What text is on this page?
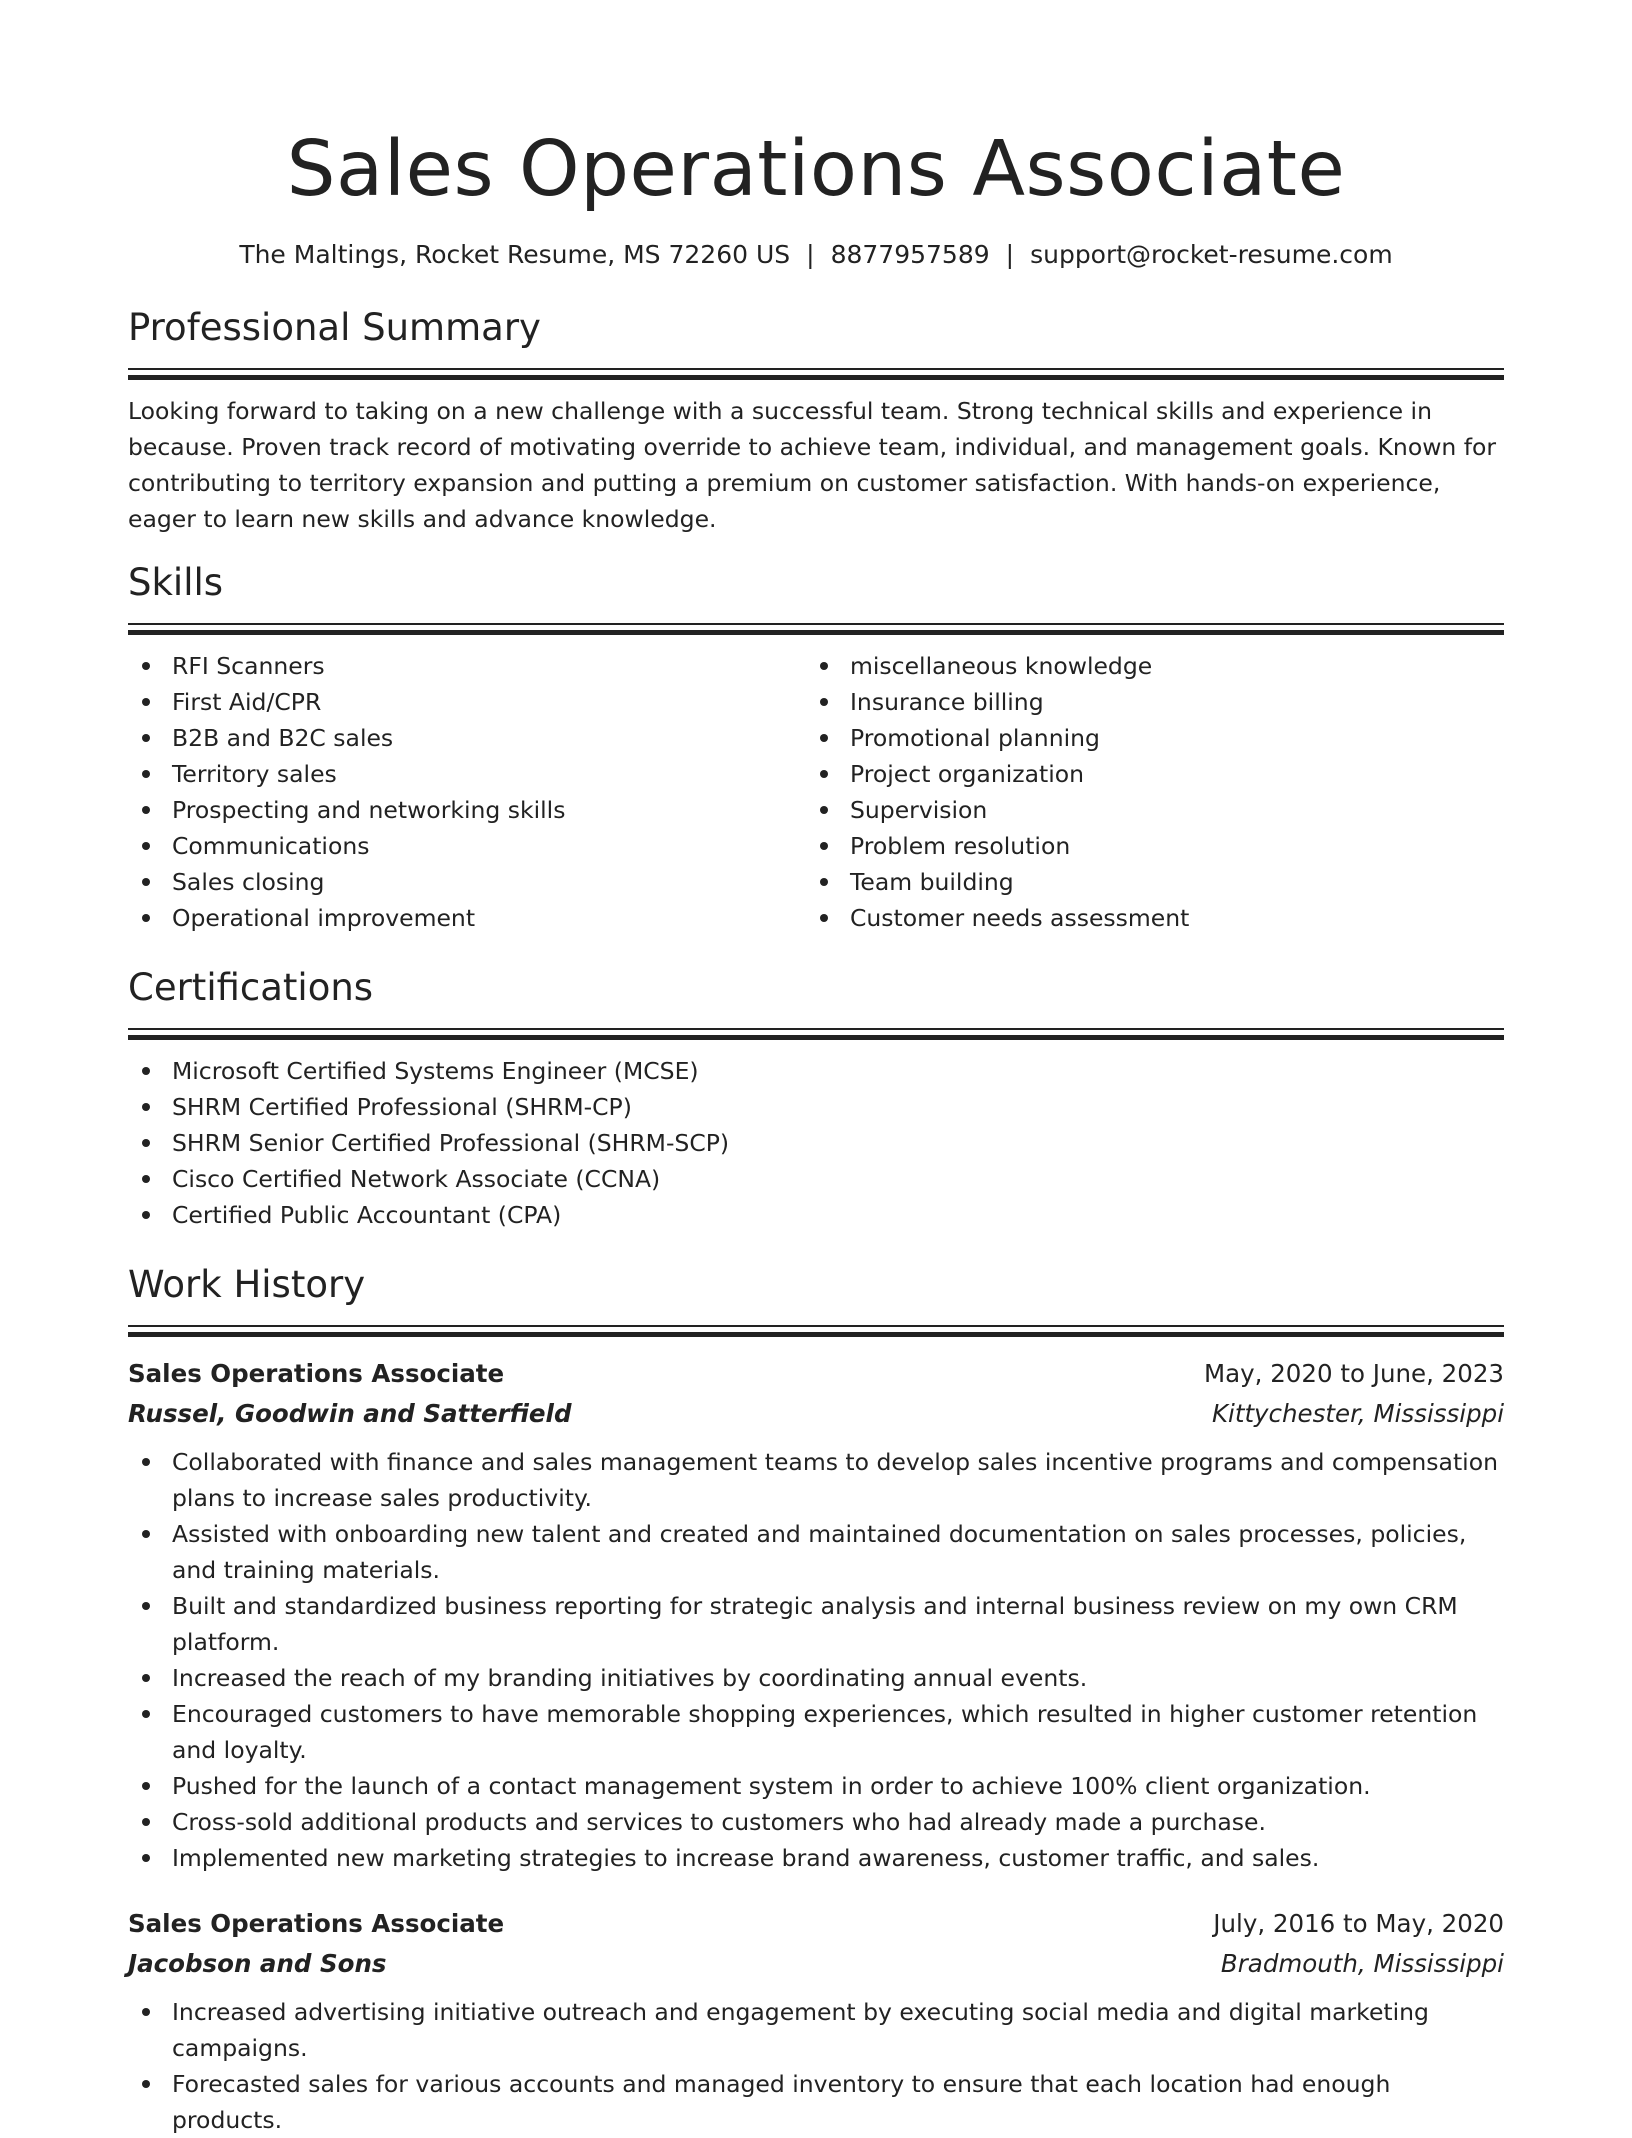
Sales Operations Associate
The Maltings, Rocket Resume, MS 72260 US | 8877957589 | support@rocket-resume.com
Professional Summary

Looking forward to taking on a new challenge with a successful team. Strong technical skills and experience in because. Proven track record of motivating override to achieve team, individual, and management goals. Known for contributing to territory expansion and putting a premium on customer satisfaction. With hands-on experience, eager to learn new skills and advance knowledge.

Skills
RFI Scanners
First Aid/CPR
B2B and B2C sales
Territory sales
Prospecting and networking skills
Communications
Sales closing
Operational improvement
miscellaneous knowledge
Insurance billing
Promotional planning
Project organization
Supervision
Problem resolution
Team building
Customer needs assessment
Certifications
Microsoft Certified Systems Engineer (MCSE)
SHRM Certified Professional (SHRM-CP)
SHRM Senior Certified Professional (SHRM-SCP)
Cisco Certified Network Associate (CCNA)
Certified Public Accountant (CPA)
Work History
Sales Operations Associate	May, 2020 to June, 2023
Russel, Goodwin and Satterfield	Kittychester, Mississippi
Collaborated with finance and sales management teams to develop sales incentive programs and compensation plans to increase sales productivity.
Assisted with onboarding new talent and created and maintained documentation on sales processes, policies, and training materials.
Built and standardized business reporting for strategic analysis and internal business review on my own CRM platform.
Increased the reach of my branding initiatives by coordinating annual events.
Encouraged customers to have memorable shopping experiences, which resulted in higher customer retention and loyalty.
Pushed for the launch of a contact management system in order to achieve 100% client organization.
Cross-sold additional products and services to customers who had already made a purchase.
Implemented new marketing strategies to increase brand awareness, customer traffic, and sales.
Sales Operations Associate	July, 2016 to May, 2020
Jacobson and Sons	Bradmouth, Mississippi
Increased advertising initiative outreach and engagement by executing social media and digital marketing campaigns.
Forecasted sales for various accounts and managed inventory to ensure that each location had enough products.
